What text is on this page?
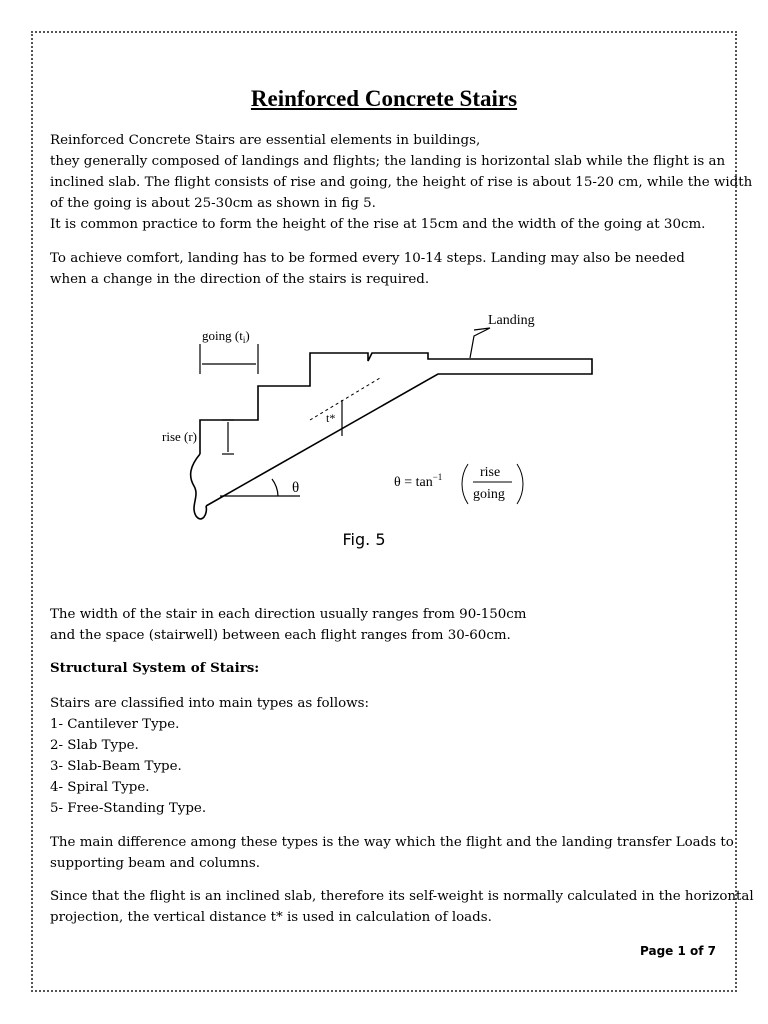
Reinforced Concrete Stairs
Reinforced Concrete Stairs are essential elements in buildings,
they generally composed of landings and flights; the landing is horizontal slab while the flight is an
inclined slab. The flight consists of rise and going, the height of rise is about 15-20 cm, while the width
of the going is about 25-30cm as shown in fig 5.
It is common practice to form the height of the rise at 15cm and the width of the going at 30cm.
To achieve comfort, landing has to be formed every 10-14 steps. Landing may also be needed
when a change in the direction of the stairs is required.
Landing
going $(t_i)$
rise (r)
t*
θ	$\theta = \tan^{-1}$	rise
going
Fig. 5
The width of the stair in each direction usually ranges from 90-150cm
and the space (stairwell) between each flight ranges from 30-60cm.
Structural System of Stairs:
Stairs are classified into main types as follows:
1- Cantilever Type.
2- Slab Type.
3- Slab-Beam Type.
4- Spiral Type.
5- Free-Standing Type.
The main difference among these types is the way which the flight and the landing transfer Loads to
supporting beam and columns.
Since that the flight is an inclined slab, therefore its self-weight is normally calculated in the horizontal
projection, the vertical distance t* is used in calculation of loads.
Page 1 of 7
